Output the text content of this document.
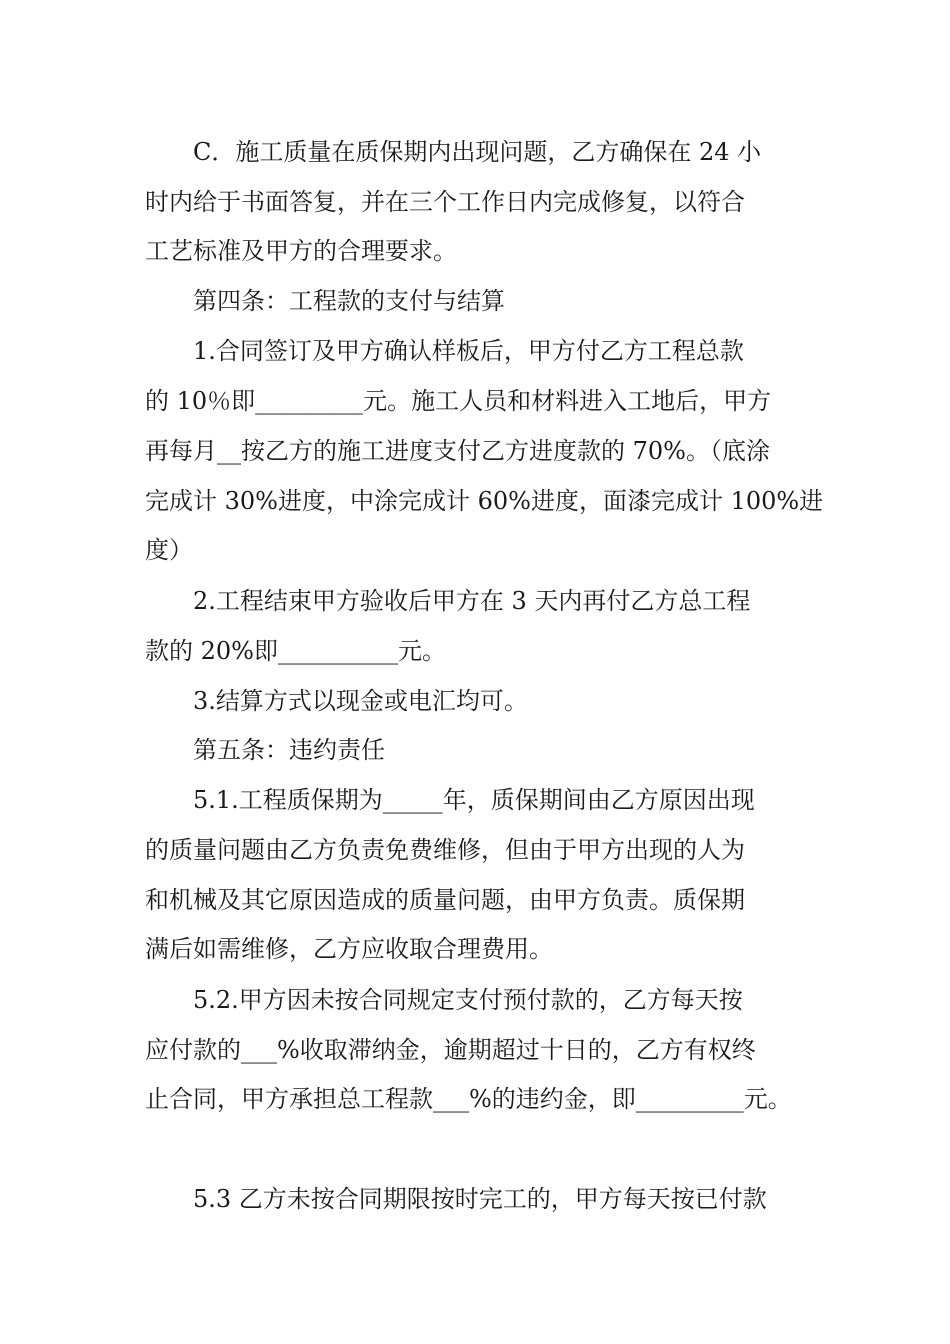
　　C．施工质量在质保期内出现问题，乙方确保在 24 小
时内给于书面答复，并在三个工作日内完成修复，以符合
工艺标准及甲方的合理要求。
　　第四条：工程款的支付与结算
　　1.合同签订及甲方确认样板后，甲方付乙方工程总款
的 10％即_________元。施工人员和材料进入工地后，甲方
再每月__按乙方的施工进度支付乙方进度款的 70%。（底涂
完成计 30%进度，中涂完成计 60%进度，面漆完成计 100%进
度）
　　2.工程结束甲方验收后甲方在 3 天内再付乙方总工程
款的 20%即__________元。
　　3.结算方式以现金或电汇均可。
　　第五条：违约责任
　　5.1.工程质保期为_____年，质保期间由乙方原因出现
的质量问题由乙方负责免费维修，但由于甲方出现的人为
和机械及其它原因造成的质量问题，由甲方负责。质保期
满后如需维修，乙方应收取合理费用。
　　5.2.甲方因未按合同规定支付预付款的，乙方每天按
应付款的___%收取滞纳金，逾期超过十日的，乙方有权终
止合同，甲方承担总工程款___%的违约金，即_________元。
　　5.3 乙方未按合同期限按时完工的，甲方每天按已付款
